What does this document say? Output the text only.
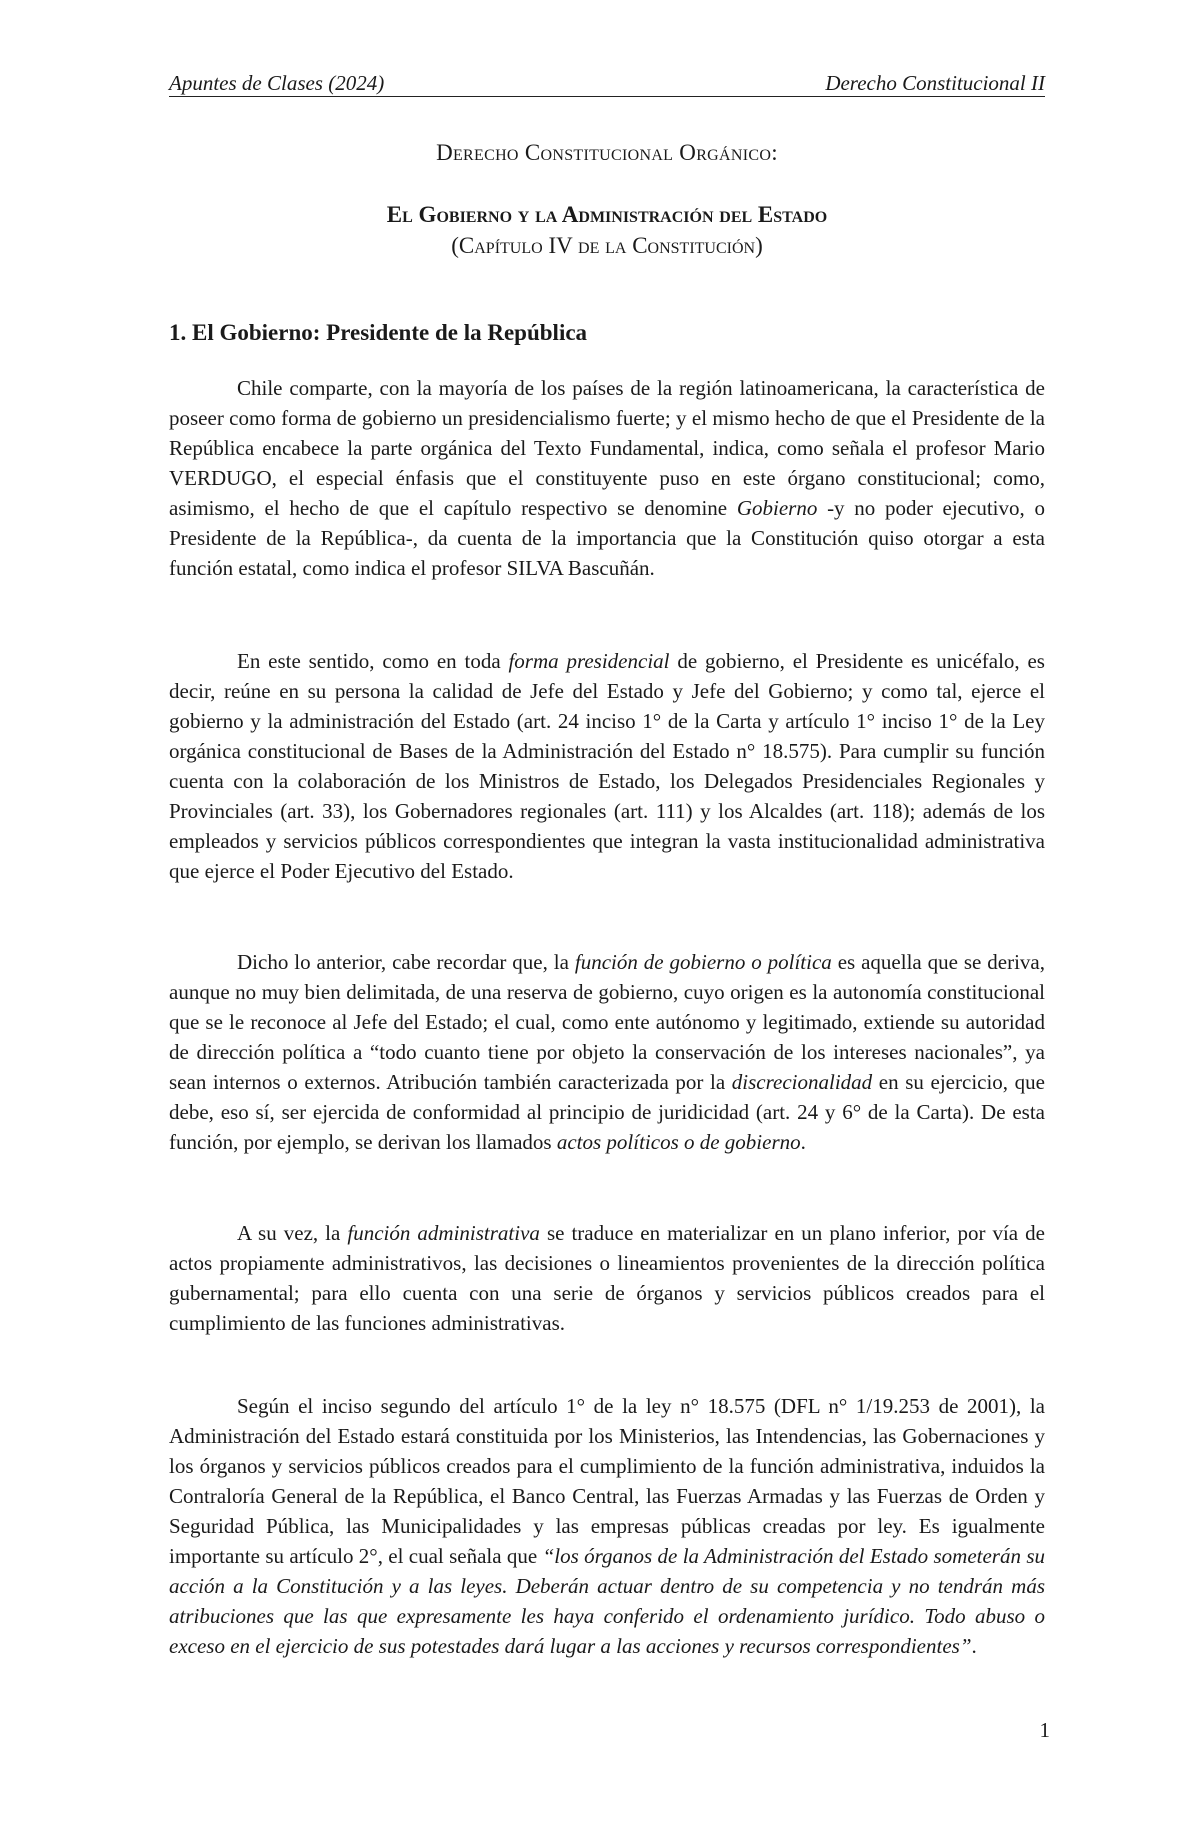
Apuntes de Clases (2024)	Derecho Constitucional II
Derecho Constitucional Orgánico:
El Gobierno y la Administración del Estado
(Capítulo IV de la Constitución)
1. El Gobierno: Presidente de la República

Chile comparte, con la mayoría de los países de la región latinoamericana, la característica de poseer como forma de gobierno un presidencialismo fuerte; y el mismo hecho de que el Presidente de la República encabece la parte orgánica del Texto Fundamental, indica, como señala el profesor Mario VERDUGO, el especial énfasis que el constituyente puso en este órgano constitucional; como, asimismo, el hecho de que el capítulo respectivo se denomine Gobierno -y no poder ejecutivo, o Presidente de la República-, da cuenta de la importancia que la Constitución quiso otorgar a esta función estatal, como indica el profesor SILVA Bascuñán.

En este sentido, como en toda forma presidencial de gobierno, el Presidente es unicéfalo, es decir, reúne en su persona la calidad de Jefe del Estado y Jefe del Gobierno; y como tal, ejerce el gobierno y la administración del Estado (art. 24 inciso 1° de la Carta y artículo 1° inciso 1° de la Ley orgánica constitucional de Bases de la Administración del Estado n° 18.575). Para cumplir su función cuenta con la colaboración de los Ministros de Estado, los Delegados Presidenciales Regionales y Provinciales (art. 33), los Gobernadores regionales (art. 111) y los Alcaldes (art. 118); además de los empleados y servicios públicos correspondientes que integran la vasta institucionalidad administrativa que ejerce el Poder Ejecutivo del Estado.

Dicho lo anterior, cabe recordar que, la función de gobierno o política es aquella que se deriva, aunque no muy bien delimitada, de una reserva de gobierno, cuyo origen es la autonomía constitucional que se le reconoce al Jefe del Estado; el cual, como ente autónomo y legitimado, extiende su autoridad de dirección política a “todo cuanto tiene por objeto la conservación de los intereses nacionales”, ya sean internos o externos. Atribución también caracterizada por la discrecionalidad en su ejercicio, que debe, eso sí, ser ejercida de conformidad al principio de juridicidad (art. 24 y 6° de la Carta). De esta función, por ejemplo, se derivan los llamados actos políticos o de gobierno.

A su vez, la función administrativa se traduce en materializar en un plano inferior, por vía de actos propiamente administrativos, las decisiones o lineamientos provenientes de la dirección política gubernamental; para ello cuenta con una serie de órganos y servicios públicos creados para el cumplimiento de las funciones administrativas.

Según el inciso segundo del artículo 1° de la ley n° 18.575 (DFL n° 1/19.253 de 2001), la Administración del Estado estará constituida por los Ministerios, las Intendencias, las Gobernaciones y los órganos y servicios públicos creados para el cumplimiento de la función administrativa, induidos la Contraloría General de la República, el Banco Central, las Fuerzas Armadas y las Fuerzas de Orden y Seguridad Pública, las Municipalidades y las empresas públicas creadas por ley. Es igualmente importante su artículo 2°, el cual señala que “los órganos de la Administración del Estado someterán su acción a la Constitución y a las leyes. Deberán actuar dentro de su competencia y no tendrán más atribuciones que las que expresamente les haya conferido el ordenamiento jurídico. Todo abuso o exceso en el ejercicio de sus potestades dará lugar a las acciones y recursos correspondientes”.

1
